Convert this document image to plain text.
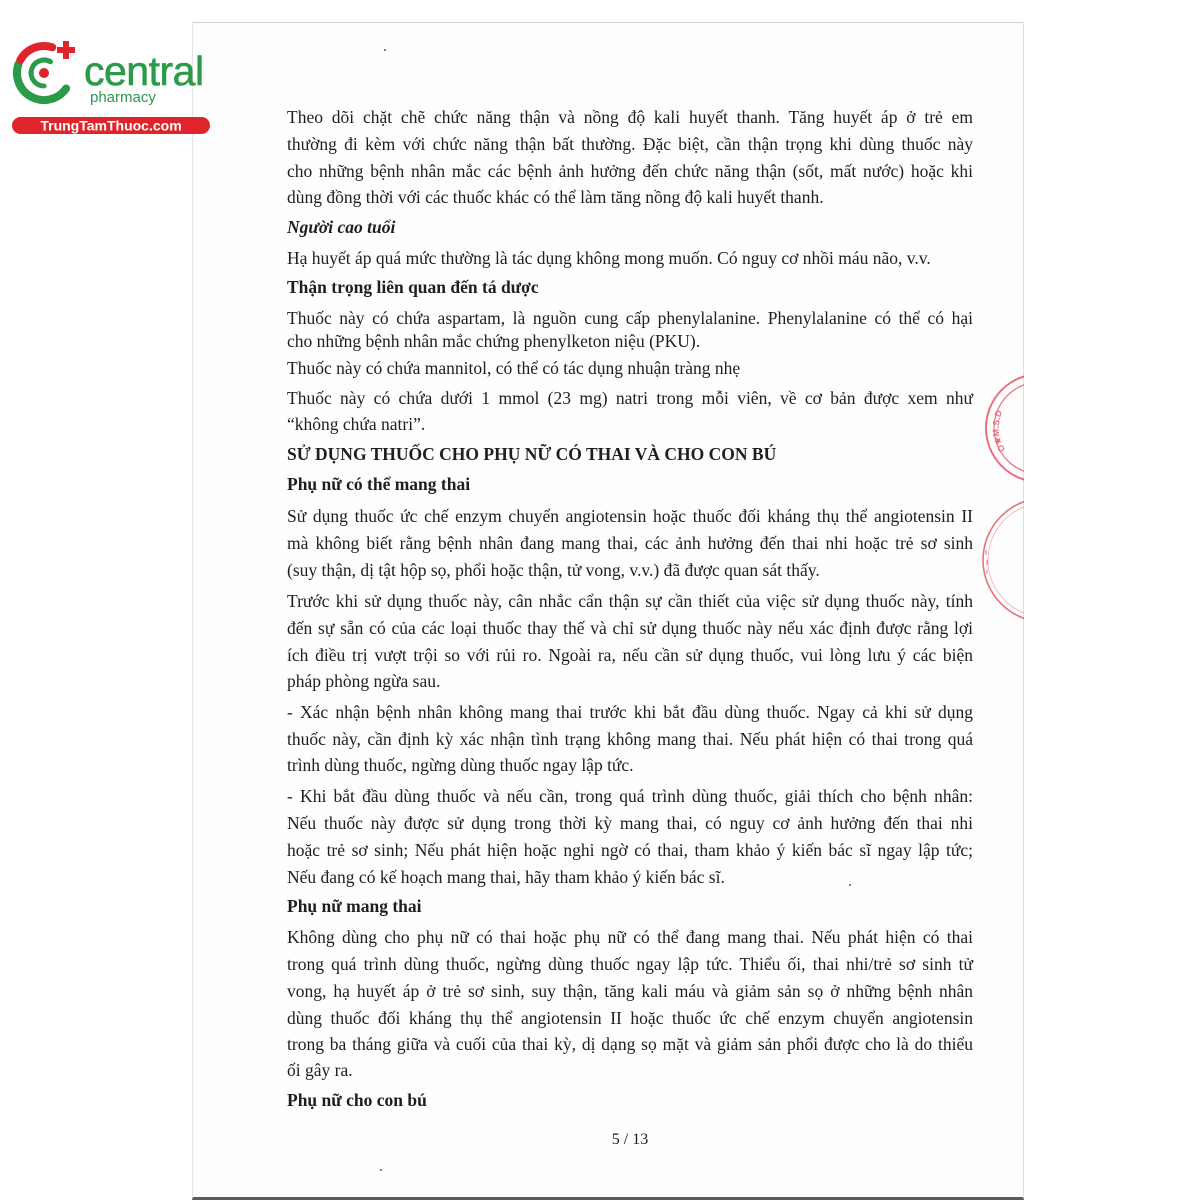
central
pharmacy
TrungTamThuoc.com
O★M.S.D
Theo dõi chặt chẽ chức năng thận và nồng độ kali huyết thanh. Tăng huyết áp ở trẻ em
thường đi kèm với chức năng thận bất thường. Đặc biệt, cần thận trọng khi dùng thuốc này
cho những bệnh nhân mắc các bệnh ảnh hưởng đến chức năng thận (sốt, mất nước) hoặc khi
dùng đồng thời với các thuốc khác có thể làm tăng nồng độ kali huyết thanh.
Người cao tuổi
Hạ huyết áp quá mức thường là tác dụng không mong muốn. Có nguy cơ nhồi máu não, v.v.
Thận trọng liên quan đến tá dược
Thuốc này có chứa aspartam, là nguồn cung cấp phenylalanine. Phenylalanine có thể có hại
cho những bệnh nhân mắc chứng phenylketon niệu (PKU).
Thuốc này có chứa mannitol, có thể có tác dụng nhuận tràng nhẹ
Thuốc này có chứa dưới 1 mmol (23 mg) natri trong mỗi viên, về cơ bản được xem như
“không chứa natri”.
SỬ DỤNG THUỐC CHO PHỤ NỮ CÓ THAI VÀ CHO CON BÚ
Phụ nữ có thể mang thai
Sử dụng thuốc ức chế enzym chuyển angiotensin hoặc thuốc đối kháng thụ thể angiotensin II
mà không biết rằng bệnh nhân đang mang thai, các ảnh hưởng đến thai nhi hoặc trẻ sơ sinh
(suy thận, dị tật hộp sọ, phổi hoặc thận, tử vong, v.v.) đã được quan sát thấy.
Trước khi sử dụng thuốc này, cân nhắc cẩn thận sự cần thiết của việc sử dụng thuốc này, tính
đến sự sẵn có của các loại thuốc thay thế và chỉ sử dụng thuốc này nếu xác định được rằng lợi
ích điều trị vượt trội so với rủi ro. Ngoài ra, nếu cần sử dụng thuốc, vui lòng lưu ý các biện
pháp phòng ngừa sau.
- Xác nhận bệnh nhân không mang thai trước khi bắt đầu dùng thuốc. Ngay cả khi sử dụng
thuốc này, cần định kỳ xác nhận tình trạng không mang thai. Nếu phát hiện có thai trong quá
trình dùng thuốc, ngừng dùng thuốc ngay lập tức.
- Khi bắt đầu dùng thuốc và nếu cần, trong quá trình dùng thuốc, giải thích cho bệnh nhân:
Nếu thuốc này được sử dụng trong thời kỳ mang thai, có nguy cơ ảnh hưởng đến thai nhi
hoặc trẻ sơ sinh; Nếu phát hiện hoặc nghi ngờ có thai, tham khảo ý kiến bác sĩ ngay lập tức;
Nếu đang có kế hoạch mang thai, hãy tham khảo ý kiến bác sĩ.
Phụ nữ mang thai
Không dùng cho phụ nữ có thai hoặc phụ nữ có thể đang mang thai. Nếu phát hiện có thai
trong quá trình dùng thuốc, ngừng dùng thuốc ngay lập tức. Thiểu ối, thai nhi/trẻ sơ sinh tử
vong, hạ huyết áp ở trẻ sơ sinh, suy thận, tăng kali máu và giảm sản sọ ở những bệnh nhân
dùng thuốc đối kháng thụ thể angiotensin II hoặc thuốc ức chế enzym chuyển angiotensin
trong ba tháng giữa và cuối của thai kỳ, dị dạng sọ mặt và giảm sản phổi được cho là do thiểu
ối gây ra.
Phụ nữ cho con bú
5 / 13
